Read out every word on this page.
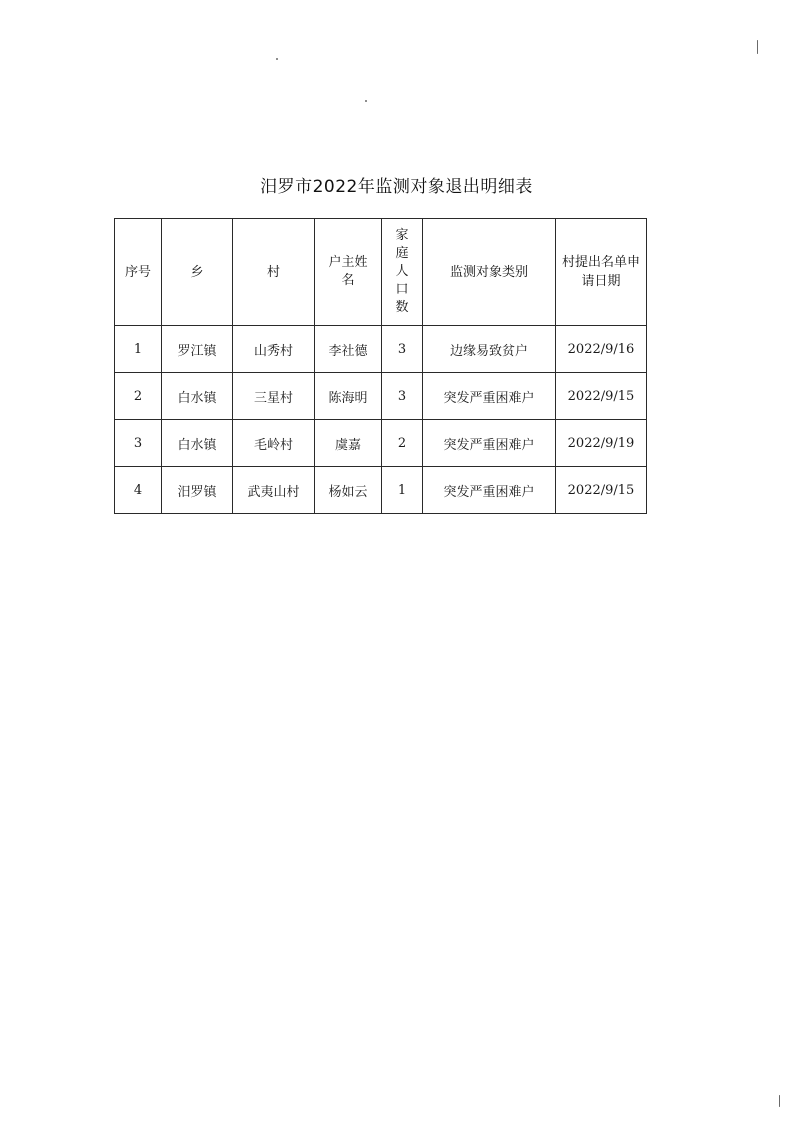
汨罗市2022年监测对象退出明细表
序号	乡	村	户主姓名	家庭人口数	监测对象类别	村提出名单申请日期
1	罗江镇	山秀村	李社德	3	边缘易致贫户	2022/9/16
2	白水镇	三星村	陈海明	3	突发严重困难户	2022/9/15
3	白水镇	毛岭村	虞嘉	2	突发严重困难户	2022/9/19
4	汨罗镇	武夷山村	杨如云	1	突发严重困难户	2022/9/15
